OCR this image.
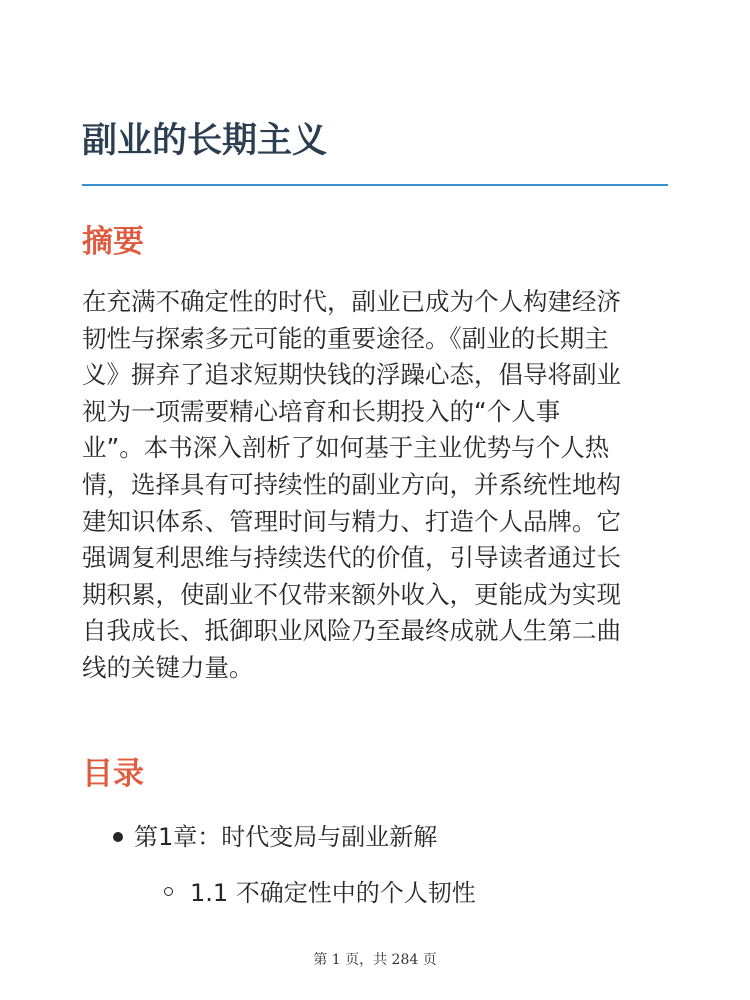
副业的长期主义
摘要

在充满不确定性的时代，副业已成为个人构建经济
韧性与探索多元可能的重要途径。《副业的长期主
义》摒弃了追求短期快钱的浮躁心态，倡导将副业
视为一项需要精心培育和长期投入的“个人事
业”。本书深入剖析了如何基于主业优势与个人热
情，选择具有可持续性的副业方向，并系统性地构
建知识体系、管理时间与精力、打造个人品牌。它
强调复利思维与持续迭代的价值，引导读者通过长
期积累，使副业不仅带来额外收入，更能成为实现
自我成长、抵御职业风险乃至最终成就人生第二曲
线的关键力量。

目录

第1章：时代变局与副业新解

1.1 不确定性中的个人韧性

第 1 页，共 284 页
